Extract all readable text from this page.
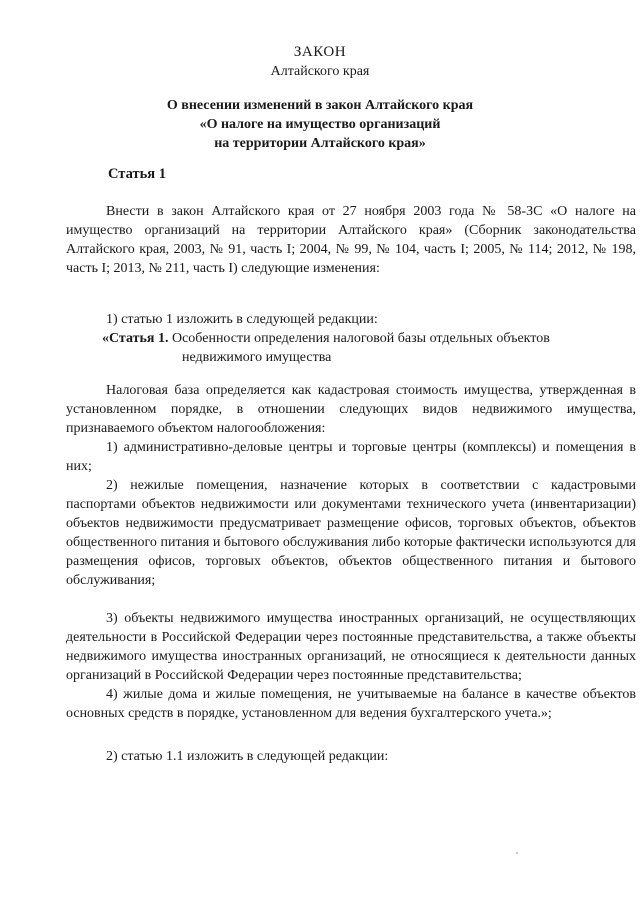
ЗАКОН
Алтайского края
О внесении изменений в закон Алтайского края
«О налоге на имущество организаций
на территории Алтайского края»
Статья 1
Внести в закон Алтайского края от 27 ноября 2003 года № 58-ЗС «О налоге на имущество организаций на территории Алтайского края» (Сборник законодательства Алтайского края, 2003, № 91, часть I; 2004, № 99, № 104, часть I; 2005, № 114; 2012, № 198, часть I; 2013, № 211, часть I) следующие изменения:
1) статью 1 изложить в следующей редакции:
«Статья 1. Особенности определения налоговой базы отдельных объектов
недвижимого имущества
Налоговая база определяется как кадастровая стоимость имущества, утвержденная в установленном порядке, в отношении следующих видов недвижимого имущества, признаваемого объектом налогообложения:
1) административно-деловые центры и торговые центры (комплексы) и помещения в них;
2) нежилые помещения, назначение которых в соответствии с кадастровыми паспортами объектов недвижимости или документами технического учета (инвентаризации) объектов недвижимости предусматривает размещение офисов, торговых объектов, объектов общественного питания и бытового обслуживания либо которые фактически используются для размещения офисов, торговых объектов, объектов общественного питания и бытового обслуживания;
3) объекты недвижимого имущества иностранных организаций, не осуществляющих деятельности в Российской Федерации через постоянные представительства, а также объекты недвижимого имущества иностранных организаций, не относящиеся к деятельности данных организаций в Российской Федерации через постоянные представительства;
4) жилые дома и жилые помещения, не учитываемые на балансе в качестве объектов основных средств в порядке, установленном для ведения бухгалтерского учета.»;
2) статью 1.1 изложить в следующей редакции:
